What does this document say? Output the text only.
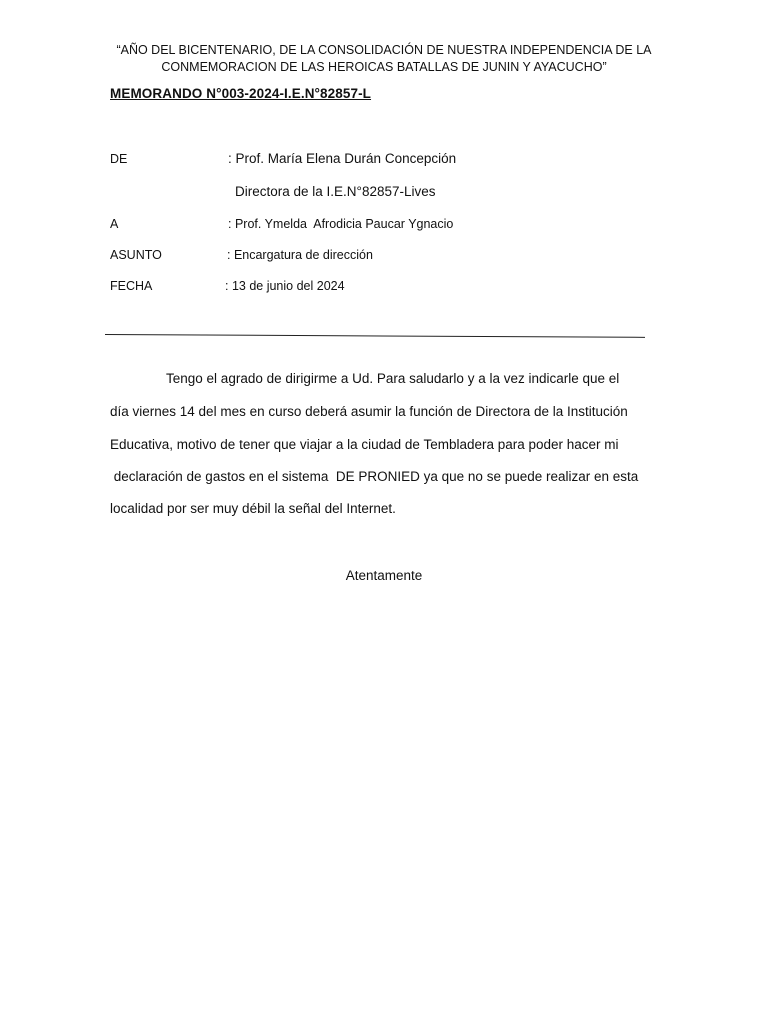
“AÑO DEL BICENTENARIO, DE LA CONSOLIDACIÓN DE NUESTRA INDEPENDENCIA DE LA
CONMEMORACION DE LAS HEROICAS BATALLAS DE JUNIN Y AYACUCHO”
MEMORANDO N°003-2024-I.E.N°82857-L
DE	: Prof. María Elena Durán Concepción
Directora de la I.E.N°82857-Lives
A	: Prof. Ymelda  Afrodicia Paucar Ygnacio
ASUNTO	: Encargatura de dirección
FECHA	: 13 de junio del 2024
Tengo el agrado de dirigirme a Ud. Para saludarlo y a la vez indicarle que el
día viernes 14 del mes en curso deberá asumir la función de Directora de la Institución
Educativa, motivo de tener que viajar a la ciudad de Tembladera para poder hacer mi
declaración de gastos en el sistema  DE PRONIED ya que no se puede realizar en esta
localidad por ser muy débil la señal del Internet.
Atentamente
